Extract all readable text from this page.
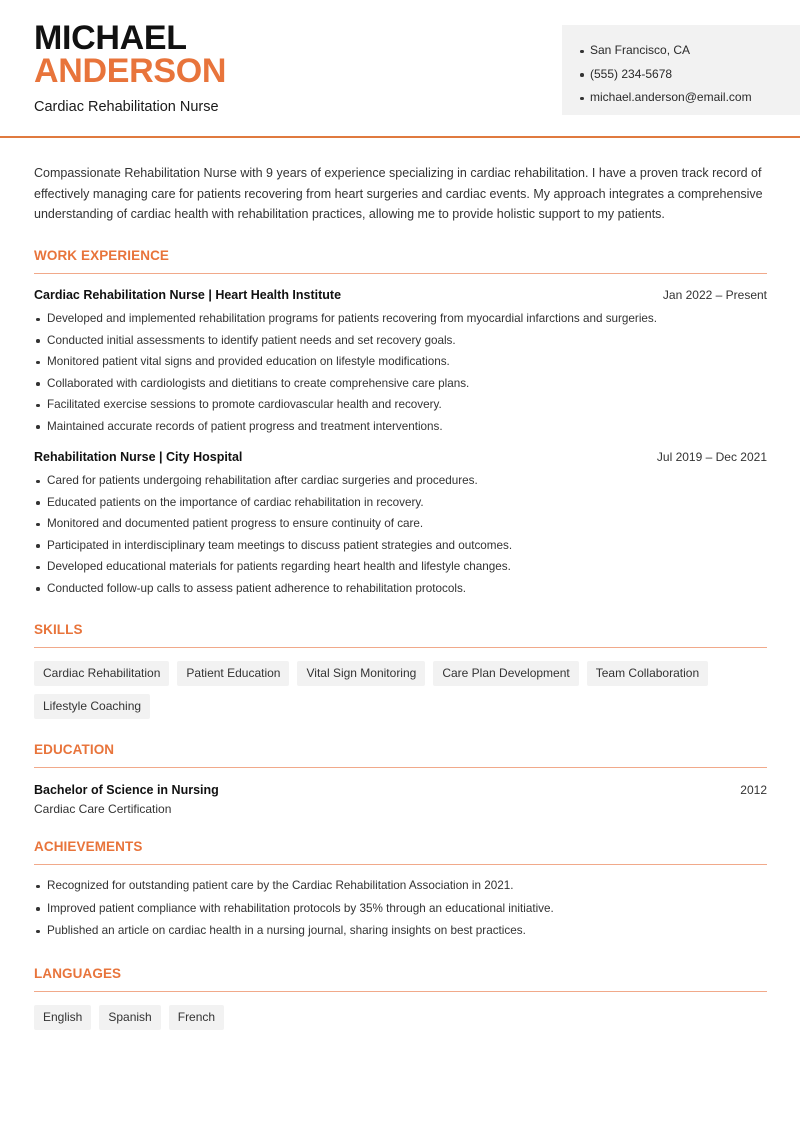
MICHAEL
ANDERSON
Cardiac Rehabilitation Nurse
San Francisco, CA
(555) 234-5678
michael.anderson@email.com

Compassionate Rehabilitation Nurse with 9 years of experience specializing in cardiac rehabilitation. I have a proven track record of effectively managing care for patients recovering from heart surgeries and cardiac events. My approach integrates a comprehensive understanding of cardiac health with rehabilitation practices, allowing me to provide holistic support to my patients.

WORK EXPERIENCE
Cardiac Rehabilitation Nurse | Heart Health Institute	Jan 2022 – Present
Developed and implemented rehabilitation programs for patients recovering from myocardial infarctions and surgeries.
Conducted initial assessments to identify patient needs and set recovery goals.
Monitored patient vital signs and provided education on lifestyle modifications.
Collaborated with cardiologists and dietitians to create comprehensive care plans.
Facilitated exercise sessions to promote cardiovascular health and recovery.
Maintained accurate records of patient progress and treatment interventions.
Rehabilitation Nurse | City Hospital	Jul 2019 – Dec 2021
Cared for patients undergoing rehabilitation after cardiac surgeries and procedures.
Educated patients on the importance of cardiac rehabilitation in recovery.
Monitored and documented patient progress to ensure continuity of care.
Participated in interdisciplinary team meetings to discuss patient strategies and outcomes.
Developed educational materials for patients regarding heart health and lifestyle changes.
Conducted follow-up calls to assess patient adherence to rehabilitation protocols.
SKILLS
Cardiac Rehabilitation	Patient Education	Vital Sign Monitoring	Care Plan Development	Team Collaboration
Lifestyle Coaching
EDUCATION
Bachelor of Science in Nursing	2012
Cardiac Care Certification
ACHIEVEMENTS
Recognized for outstanding patient care by the Cardiac Rehabilitation Association in 2021.
Improved patient compliance with rehabilitation protocols by 35% through an educational initiative.
Published an article on cardiac health in a nursing journal, sharing insights on best practices.
LANGUAGES
English	Spanish	French
